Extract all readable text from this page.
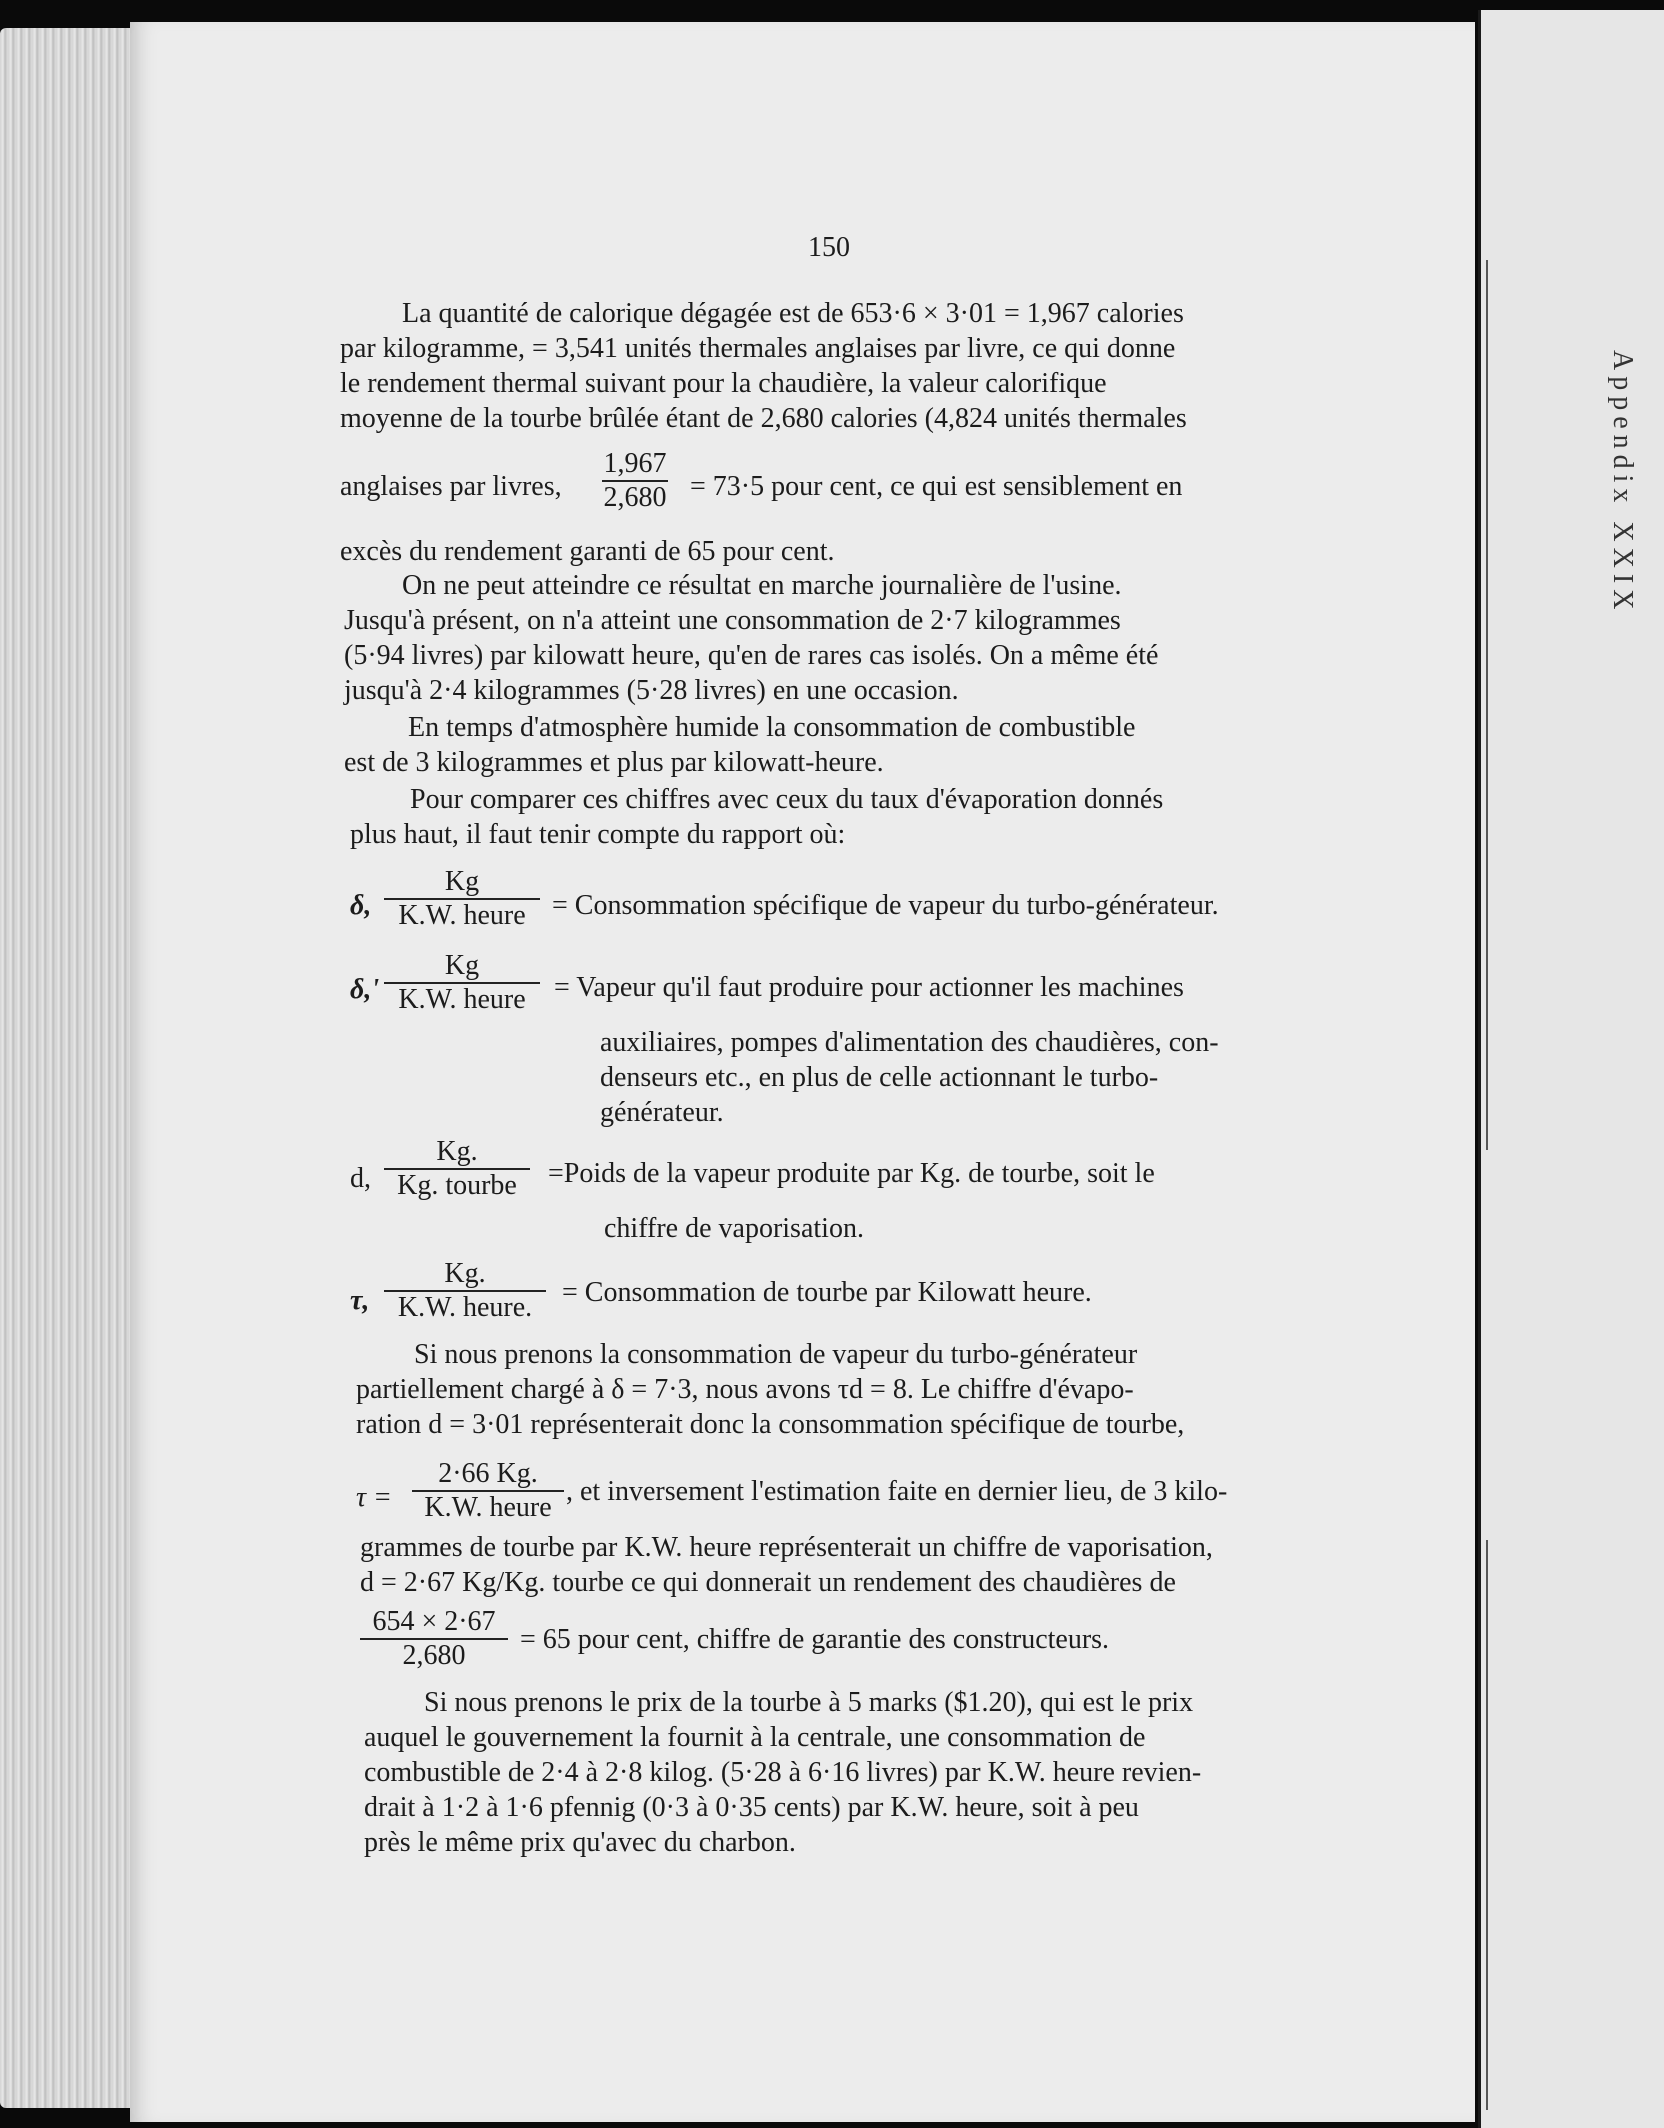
Appendix XXIX
150
La quantité de calorique dégagée est de 653·6 × 3·01 = 1,967 calories
par kilogramme, = 3,541 unités thermales anglaises par livre, ce qui donne
le rendement thermal suivant pour la chaudière, la valeur calorifique
moyenne de la tourbe brûlée étant de 2,680 calories (4,824 unités thermales
anglaises par livres, $\frac{1,967}{2,680} = 73\cdot 5$ pour cent, ce qui est sensiblement en
excès du rendement garanti de 65 pour cent.
On ne peut atteindre ce résultat en marche journalière de l'usine.
Jusqu'à présent, on n'a atteint une consommation de 2·7 kilogrammes
(5·94 livres) par kilowatt heure, qu'en de rares cas isolés. On a même été
jusqu'à 2·4 kilogrammes (5·28 livres) en une occasion.
En temps d'atmosphère humide la consommation de combustible
est de 3 kilogrammes et plus par kilowatt-heure.
Pour comparer ces chiffres avec ceux du taux d'évaporation donnés
plus haut, il faut tenir compte du rapport où:
δ,
Kg
K.W. heure = Consommation spécifique de vapeur du turbo-générateur.
δ,'
Kg
K.W. heure	= Vapeur qu'il faut produire pour actionner les machines
auxiliaires, pompes d'alimentation des chaudières, con-
denseurs etc., en plus de celle actionnant le turbo-
générateur.
d,
Kg.
Kg. tourbe	=Poids de la vapeur produite par Kg. de tourbe, soit le
chiffre de vaporisation.
τ,
Kg.
K.W. heure.	= Consommation de tourbe par Kilowatt heure.
Si nous prenons la consommation de vapeur du turbo-générateur
partiellement chargé à δ = 7·3, nous avons τd = 8. Le chiffre d'évapo-
ration d = 3·01 représenterait donc la consommation spécifique de tourbe,
τ =
2·66 Kg.
K.W. heure
, et inversement l'estimation faite en dernier lieu, de 3 kilo-
grammes de tourbe par K.W. heure représenterait un chiffre de vaporisation,
d = 2·67 Kg/Kg. tourbe ce qui donnerait un rendement des chaudières de
$\frac{654 \times 2\cdot 67}{2,680} = 65$ pour cent, chiffre de garantie des constructeurs.
Si nous prenons le prix de la tourbe à 5 marks ($1.20), qui est le prix
auquel le gouvernement la fournit à la centrale, une consommation de
combustible de 2·4 à 2·8 kilog. (5·28 à 6·16 livres) par K.W. heure revien-
drait à 1·2 à 1·6 pfennig (0·3 à 0·35 cents) par K.W. heure, soit à peu
près le même prix qu'avec du charbon.
